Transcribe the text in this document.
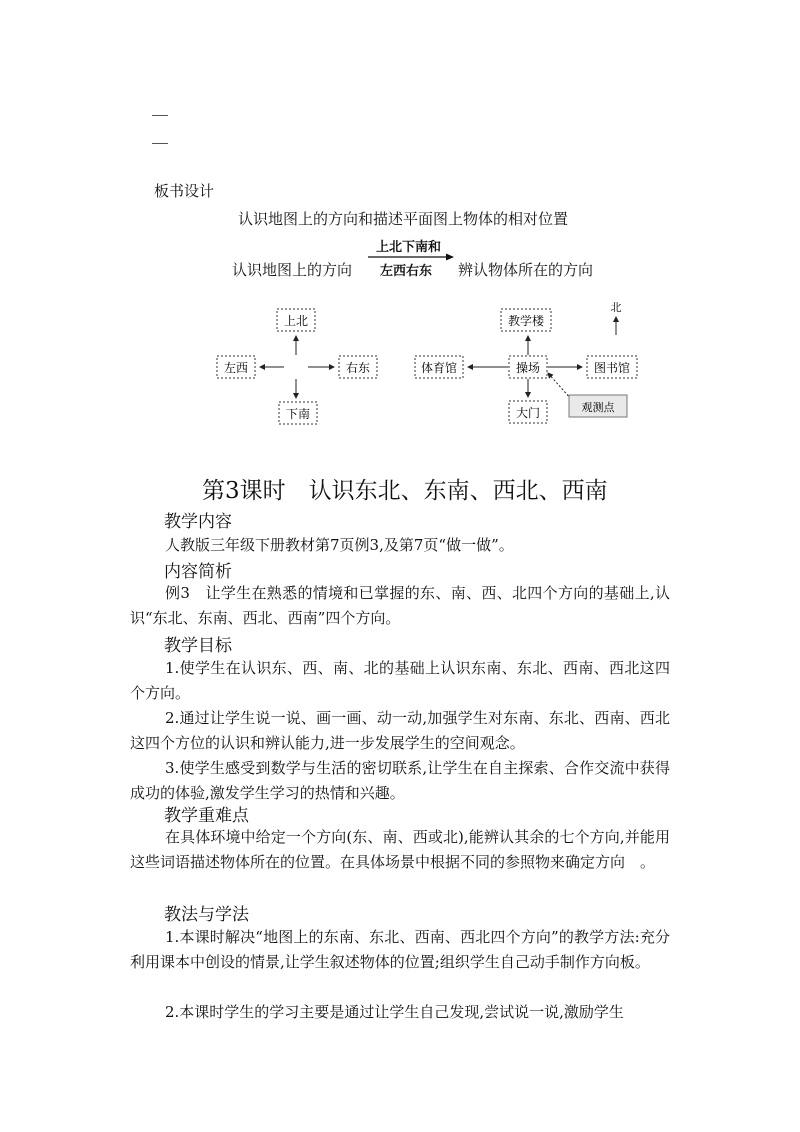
板书设计
认识地图上的方向和描述平面图上物体的相对位置
认识地图上的方向
上北下南和
左西右东 辨认物体所在的方向
上北
左西	右东
下南
北
教学楼
体育馆	操场	图书馆
大门	观测点
第3课时　认识东北、东南、西北、西南
教学内容
人教版三年级下册教材第7页例3,及第7页“做一做”。
内容简析
例3　让学生在熟悉的情境和已掌握的东、南、西、北四个方向的基础上,认识“东北、东南、西北、西南”四个方向。
教学目标
1.使学生在认识东、西、南、北的基础上认识东南、东北、西南、西北这四个方向。
2.通过让学生说一说、画一画、动一动,加强学生对东南、东北、西南、西北这四个方位的认识和辨认能力,进一步发展学生的空间观念。
3.使学生感受到数学与生活的密切联系,让学生在自主探索、合作交流中获得成功的体验,激发学生学习的热情和兴趣。
教学重难点
在具体环境中给定一个方向(东、南、西或北),能辨认其余的七个方向,并能用这些词语描述物体所在的位置。在具体场景中根据不同的参照物来确定方向　。
教法与学法
1.本课时解决“地图上的东南、东北、西南、西北四个方向”的教学方法:充分利用课本中创设的情景,让学生叙述物体的位置;组织学生自己动手制作方向板。
2.本课时学生的学习主要是通过让学生自己发现,尝试说一说,激励学生
